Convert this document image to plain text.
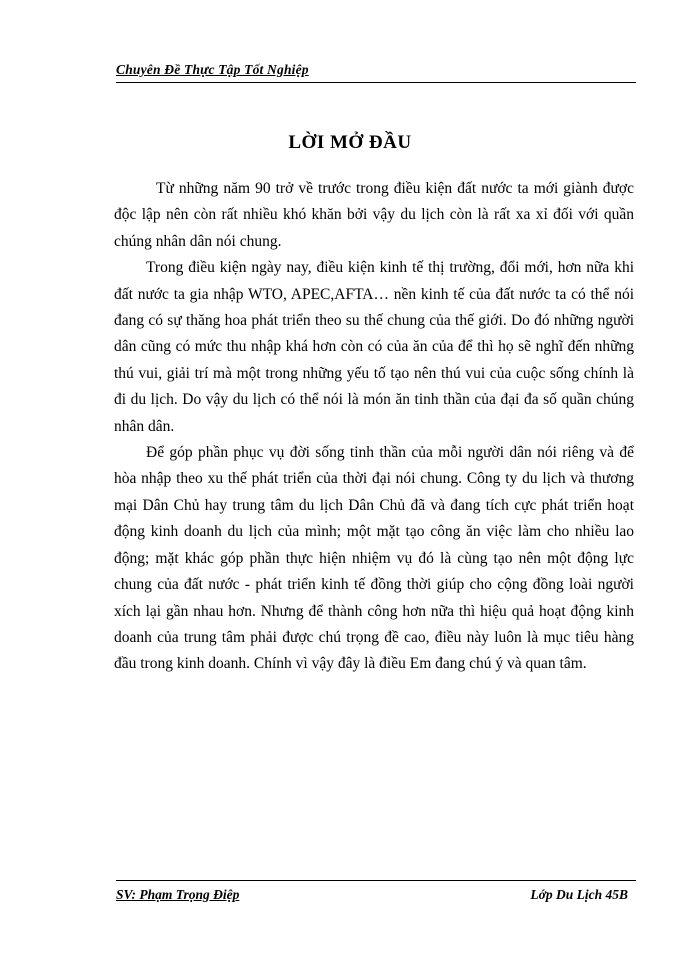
Chuyên Đề Thực Tập Tốt Nghiệp
LỜI MỞ ĐẦU

Từ những năm 90 trở về trước trong điều kiện đất nước ta mới giành được độc lập nên còn rất nhiều khó khăn bởi vậy du lịch còn là rất xa xỉ đối với quần chúng nhân dân nói chung.

Trong điều kiện ngày nay, điều kiện kinh tế thị trường, đổi mới, hơn nữa khi đất nước ta gia nhập WTO, APEC,AFTA… nền kinh tế của đất nước ta có thể nói đang có sự thăng hoa phát triển theo su thế chung của thế giới. Do đó những người dân cũng có mức thu nhập khá hơn còn có của ăn của để thì họ sẽ nghĩ đến những thú vui, giải trí mà một trong những yếu tố tạo nên thú vui của cuộc sống chính là đi du lịch. Do vậy du lịch có thể nói là món ăn tinh thần của đại đa số quần chúng nhân dân.

Để góp phần phục vụ đời sống tinh thần của mỗi người dân nói riêng và để hòa nhập theo xu thế phát triển của thời đại nói chung. Công ty du lịch và thương mại Dân Chủ hay trung tâm du lịch Dân Chủ đã và đang tích cực phát triển hoạt động kinh doanh du lịch của mình; một mặt tạo công ăn việc làm cho nhiều lao động; mặt khác góp phần thực hiện nhiệm vụ đó là cùng tạo nên một động lực chung của đất nước - phát triển kinh tế đồng thời giúp cho cộng đồng loài người xích lại gần nhau hơn. Nhưng để thành công hơn nữa thì hiệu quả hoạt động kinh doanh của trung tâm phải được chú trọng đề cao, điều này luôn là mục tiêu hàng đầu trong kinh doanh. Chính vì vậy đây là điều Em đang chú ý và quan tâm.

SV: Phạm Trọng Điệp	Lớp Du Lịch 45B
